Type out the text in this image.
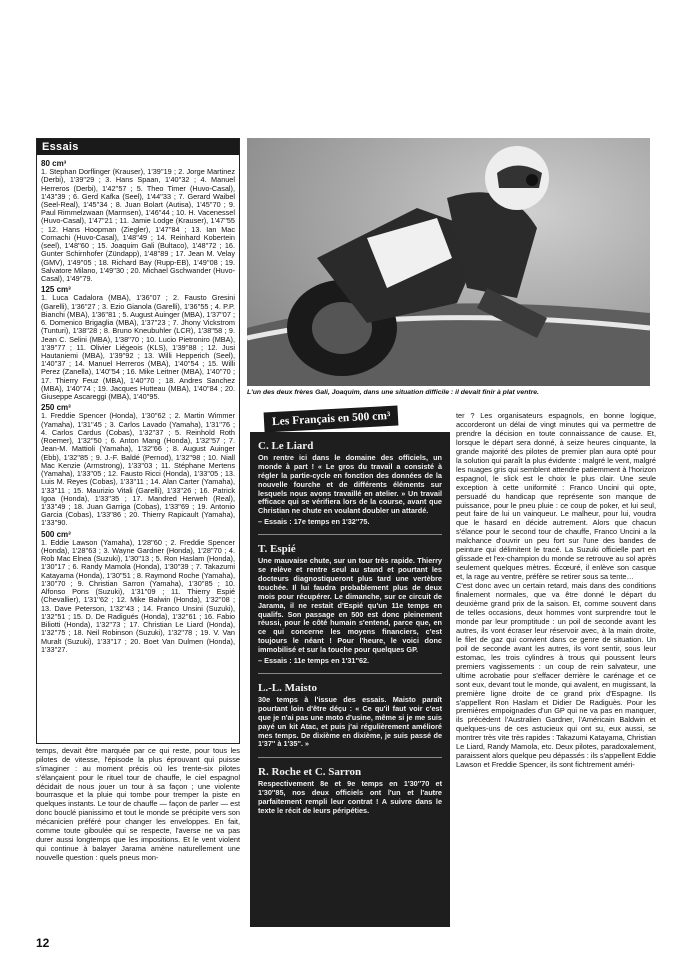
Essais
80 cm³
1. Stephan Dorflinger (Krauser), 1'39''19 ; 2. Jorge Martinez (Derbi), 1'39''29 ; 3. Hans Spaan, 1'40''32 ; 4. Manuel Herreros (Derbi), 1'42''57 ; 5. Theo Timer (Huvo-Casal), 1'43''39 ; 6. Gerd Kafka (Seel), 1'44''33 ; 7. Gerard Waibel (Seel-Real), 1'45''34 ; 8. Juan Bolart (Autisa), 1'45''70 ; 9. Paul Rimmelzwaan (Marmsen), 1'46''44 ; 10. H. Vacenessel (Huvo-Casal), 1'47''21 ; 11. Jamie Lodge (Krauser), 1'47''55 ; 12. Hans Hoopman (Ziegler), 1'47''84 ; 13. Ian Mac Cornachi (Huvo-Casal), 1'48''49 ; 14. Reinhard Kobertein (seel), 1'48''60 ; 15. Joaquim Gali (Bultaco), 1'48''72 ; 16. Gunter Schirnhofer (Zündapp), 1'48''89 ; 17. Jean M. Velay (GMV), 1'49''05 ; 18. Richard Bay (Rupp-EB), 1'49''08 ; 19. Salvatore Milano, 1'49''30 ; 20. Michael Gschwander (Huvo-Casal), 1'49''79.
125 cm³
1. Luca Cadalora (MBA), 1'36''07 ; 2. Fausto Gresini (Garelli), 1'36''27 ; 3. Ezio Gianola (Garelli), 1'36''55 ; 4. P.P. Bianchi (MBA), 1'36''81 ; 5. August Auinger (MBA), 1'37''07 ; 6. Domenico Brigaglia (MBA), 1'37''23 ; 7. Jhony Vickstrom (Tunturi), 1'38''28 ; 8. Bruno Kneubuhler (LCR), 1'38''58 ; 9. Jean C. Selini (MBA), 1'38''70 ; 10. Lucio Pietroniro (MBA), 1'39''77 ; 11. Olivier Liégeois (KLS), 1'39''88 ; 12. Jusi Hautaniemi (MBA), 1'39''92 ; 13. Willi Hepperich (Seel), 1'40''37 ; 14. Manuel Herreros (MBA), 1'40''54 ; 15. Willi Perez (Zanella), 1'40''54 ; 16. Mike Leitner (MBA), 1'40''70 ; 17. Thierry Feuz (MBA), 1'40''70 ; 18. Andres Sanchez (MBA), 1'40''74 ; 19. Jacques Hutteau (MBA), 1'40''84 ; 20. Giuseppe Ascareggi (MBA), 1'40''95.
250 cm³
1. Freddie Spencer (Honda), 1'30''62 ; 2. Martin Wimmer (Yamaha), 1'31''45 ; 3. Carlos Lavado (Yamaha), 1'31''76 ; 4. Carlos Cardus (Cobas), 1'32''37 ; 5. Reinhold Roth (Roemer), 1'32''50 ; 6. Anton Mang (Honda), 1'32''57 ; 7. Jean-M. Mattioli (Yamaha), 1'32''66 ; 8. August Auinger (Ebb), 1'32''85 ; 9. J.-F. Baldé (Pernod), 1'32''98 ; 10. Niall Mac Kenzie (Armstrong), 1'33''03 ; 11. Stéphane Mertens (Yamaha), 1'33''05 ; 12. Fausto Ricci (Honda), 1'33''05 ; 13. Luis M. Reyes (Cobas), 1'33''11 ; 14. Alan Carter (Yamaha), 1'33''11 ; 15. Maurizio Vitali (Garelli), 1'33''26 ; 16. Patrick Igoa (Honda), 1'33''35 ; 17. Mandred Herweh (Real), 1'33''49 ; 18. Juan Garriga (Cobas), 1'33''69 ; 19. Antonio Garcia (Cobas), 1'33''86 ; 20. Thierry Rapicault (Yamaha), 1'33''90.
500 cm³
1. Eddie Lawson (Yamaha), 1'28''60 ; 2. Freddie Spencer (Honda), 1'28''63 ; 3. Wayne Gardner (Honda), 1'28''70 ; 4. Rob Mac Elnea (Suzuki), 1'30''13 ; 5. Ron Haslam (Honda), 1'30''17 ; 6. Randy Mamola (Honda), 1'30''39 ; 7. Takazumi Katayama (Honda), 1'30''51 ; 8. Raymond Roche (Yamaha), 1'30''70 ; 9. Christian Sarron (Yamaha), 1'30''85 ; 10. Alfonso Pons (Suzuki), 1'31''09 ; 11. Thierry Espié (Chevallier), 1'31''62 ; 12. Mike Balwin (Honda), 1'32''08 ; 13. Dave Peterson, 1'32''43 ; 14. Franco Unsini (Suzuki), 1'32''51 ; 15. D. De Radigués (Honda), 1'32''61 ; 16. Fabio Biliotti (Honda), 1'32''73 ; 17. Christian Le Liard (Honda), 1'32''75 ; 18. Neil Robinson (Suzuki), 1'32''78 ; 19. V. Van Muralt (Suzuki), 1'33''17 ; 20. Boet Van Dulmen (Honda), 1'33''27.
L'un des deux frères Gali, Joaquim, dans une situation difficile : il devait finir à plat ventre.
temps, devait être marquée par ce qui reste, pour tous les pilotes de vitesse, l'épisode la plus éprouvant qui puisse s'imaginer : au moment précis où les trente-six pilotes s'élançaient pour le rituel tour de chauffe, le ciel espagnol décidait de nous jouer un tour à sa façon ; une violente bourrasque et la pluie qui tombe pour tremper la piste en quelques instants. Le tour de chauffe — façon de parler — est donc bouclé pianissimo et tout le monde se précipite vers son mécanicien préféré pour changer les enveloppes. En fait, comme toute giboulée qui se respecte, l'averse ne va pas durer aussi longtemps que les impositions. Et le vent violent qui continue à balayer Jarama amène naturellement une nouvelle question : quels pneus mon-
12
Les Français en 500 cm³
C. Le Liard
On rentre ici dans le domaine des officiels, un monde à part ! « Le gros du travail a consisté à régler la partie-cycle en fonction des données de la nouvelle fourche et de différents éléments sur lesquels nous avons travaillé en atelier. » Un travail efficace qui se vérifiera lors de la course, avant que Christian ne chute en voulant doubler un attardé.
– Essais : 17e temps en 1'32''75.
T. Espié
Une mauvaise chute, sur un tour très rapide. Thierry se relève et rentre seul au stand et pourtant les docteurs diagnostiqueront plus tard une vertèbre touchée. Il lui faudra probablement plus de deux mois pour récupérer. Le dimanche, sur ce circuit de Jarama, il ne restait d'Espié qu'un 11e temps en qualifs. Son passage en 500 est donc pleinement réussi, pour le côté humain s'entend, parce que, en ce qui concerne les moyens financiers, c'est toujours le néant ! Pour l'heure, le voici donc immobilisé et sur la touche pour quelques GP.
– Essais : 11e temps en 1'31''62.
L.-L. Maisto
30e temps à l'issue des essais. Maisto paraît pourtant loin d'être déçu : « Ce qu'il faut voir c'est que je n'ai pas une moto d'usine, même si je me suis payé un kit Atac, et puis j'ai régulièrement amélioré mes temps. De dixième en dixième, je suis passé de 1'37'' à 1'35''. »
R. Roche et C. Sarron
Respectivement 8e et 9e temps en 1'30''70 et 1'30''85, nos deux officiels ont l'un et l'autre parfaitement rempli leur contrat ! A suivre dans le texte le récit de leurs péripéties.
ter ? Les organisateurs espagnols, en bonne logique, accorderont un délai de vingt minutes qui va permettre de prendre la décision en toute connaissance de cause. Et, lorsque le départ sera donné, à seize heures cinquante, la grande majorité des pilotes de premier plan aura opté pour la solution qui paraît la plus évidente : malgré le vent, malgré les nuages gris qui semblent attendre patiemment à l'horizon espagnol, le slick est le choix le plus clair. Une seule exception à cette uniformité : Franco Uncini qui opte, persuadé du handicap que représente son manque de puissance, pour le pneu pluie : ce coup de poker, et lui seul, peut faire de lui un vainqueur. Le malheur, pour lui, voudra que le hasard en décide autrement. Alors que chacun s'élance pour le second tour de chauffe, Franco Uncini a la malchance d'ouvrir un peu fort sur l'une des bandes de peinture qui délimitent le tracé. La Suzuki officielle part en glissade et l'ex-champion du monde se retrouve au sol après seulement quelques mètres. Écœuré, il enlève son casque et, la rage au ventre, préfère se retirer sous sa tente…
C'est donc avec un certain retard, mais dans des conditions finalement normales, que va être donné le départ du deuxième grand prix de la saison. Et, comme souvent dans de telles occasions, deux hommes vont surprendre tout le monde par leur promptitude : un poil de seconde avant les autres, ils vont écraser leur réservoir avec, à la main droite, le filet de gaz qui convient dans ce genre de situation. Un poil de seconde avant les autres, ils vont sentir, sous leur estomac, les trois cylindres à trous qui poussent leurs premiers vagissements : un coup de rein salvateur, une ultime acrobatie pour s'effacer derrière le carénage et ce sont eux, devant tout le monde, qui avalent, en mugissant, la première ligne droite de ce grand prix d'Espagne. Ils s'appellent Ron Haslam et Didier De Radiguès. Pour les premières empoignades d'un GP qui ne va pas en manquer, ils précèdent l'Australien Gardner, l'Américain Baldwin et quelques-uns de ces astucieux qui ont su, eux aussi, se montrer très vite très rapides : Takazumi Katayama, Christian Le Liard, Randy Mamola, etc. Deux pilotes, paradoxalement, paraissent alors quelque peu dépassés : ils s'appellent Eddie Lawson et Freddie Spencer, ils sont fichtrement améri-
